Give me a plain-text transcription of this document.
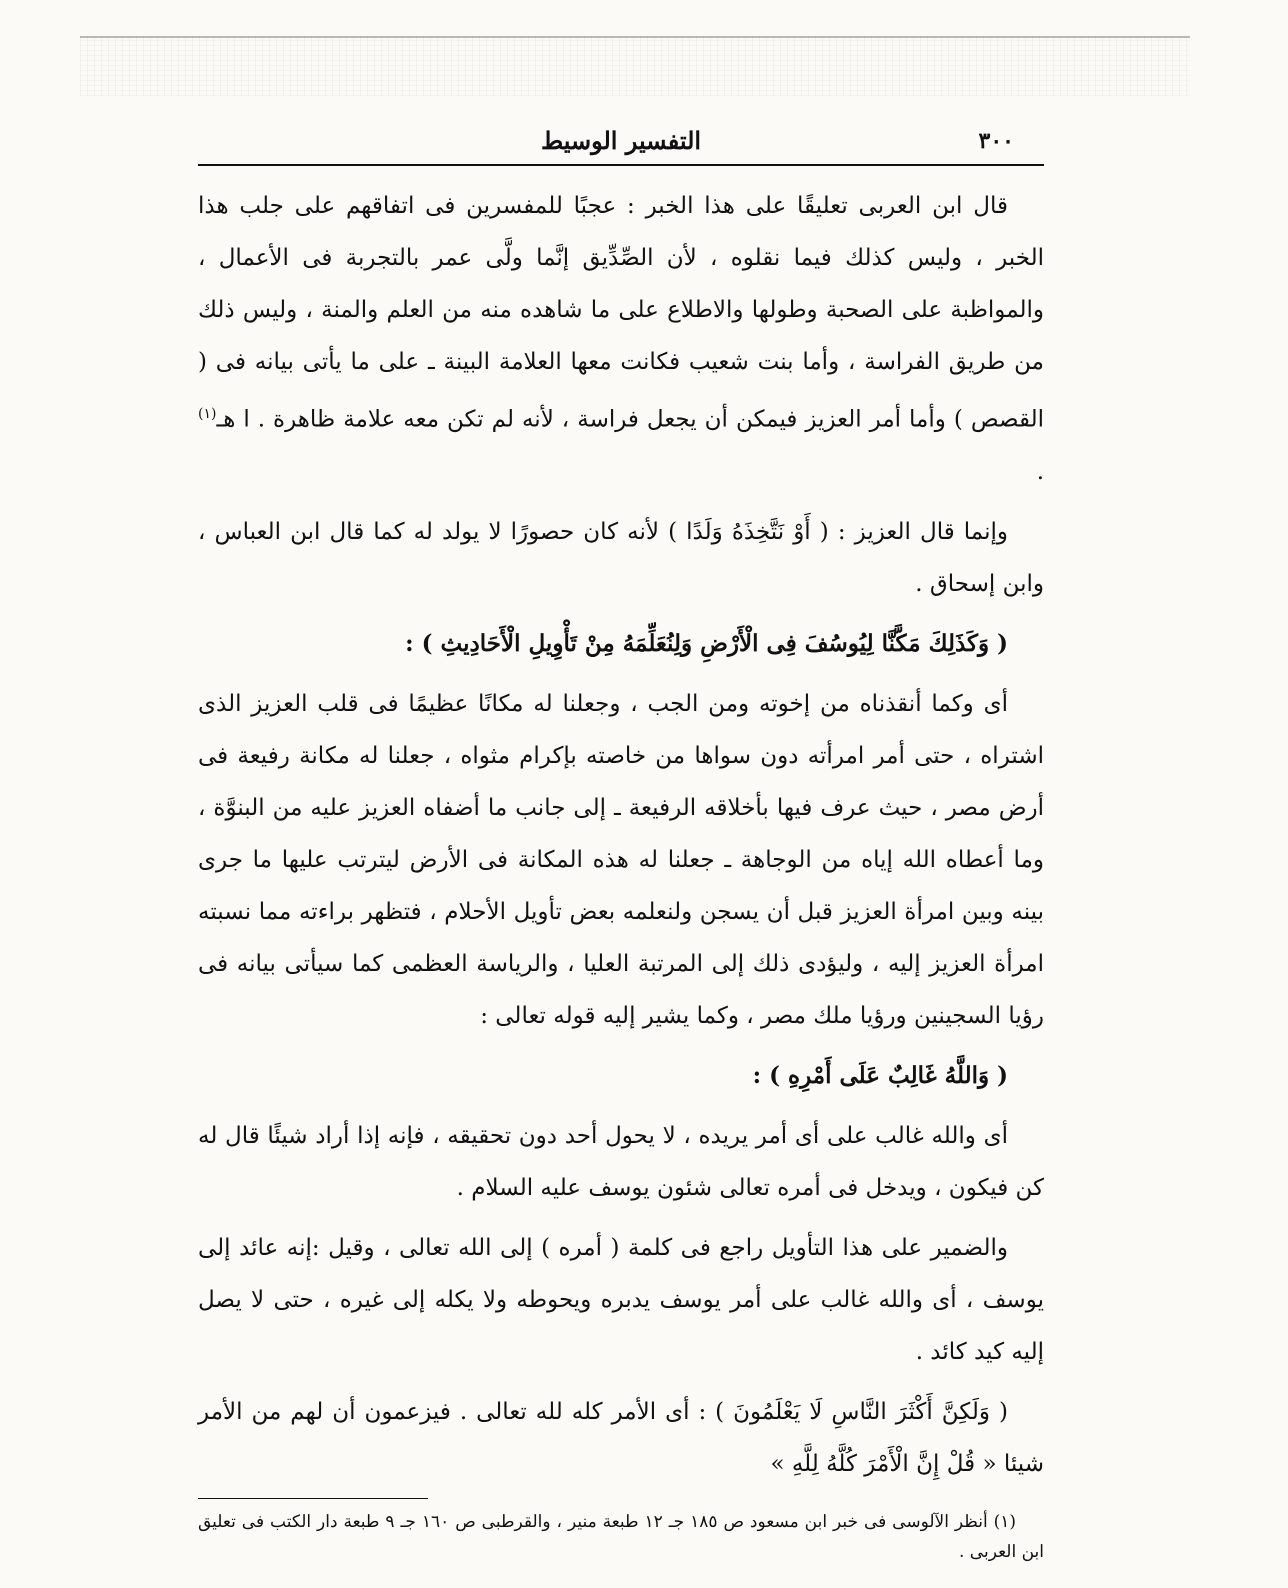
٣٠٠
التفسير الوسيط

قال ابن العربى تعليقًا على هذا الخبر : عجبًا للمفسرين فى اتفاقهم على جلب هذا الخبر ، وليس كذلك فيما نقلوه ، لأن الصِّدِّيق إنَّما ولَّى عمر بالتجربة فى الأعمال ، والمواظبة على الصحبة وطولها والاطلاع على ما شاهده منه من العلم والمنة ، وليس ذلك من طريق الفراسة ، وأما بنت شعيب فكانت معها العلامة البينة ـ على ما يأتى بيانه فى ( القصص ) وأما أمر العزيز فيمكن أن يجعل فراسة ، لأنه لم تكن معه علامة ظاهرة . ا هـ$^{(١)}$ .

وإنما قال العزيز : ( أَوْ نَتَّخِذَهُ وَلَدًا ) لأنه كان حصورًا لا يولد له كما قال ابن العباس ، وابن إسحاق .

( وَكَذَلِكَ مَكَّنَّا لِيُوسُفَ فِى الْأَرْضِ وَلِنُعَلِّمَهُ مِنْ تَأْوِيلِ الْأَحَادِيثِ ) :

أى وكما أنقذناه من إخوته ومن الجب ، وجعلنا له مكانًا عظيمًا فى قلب العزيز الذى اشتراه ، حتى أمر امرأته دون سواها من خاصته بإكرام مثواه ، جعلنا له مكانة رفيعة فى أرض مصر ، حيث عرف فيها بأخلاقه الرفيعة ـ إلى جانب ما أضفاه العزيز عليه من البنوَّة ، وما أعطاه الله إياه من الوجاهة ـ جعلنا له هذه المكانة فى الأرض ليترتب عليها ما جرى بينه وبين امرأة العزيز قبل أن يسجن ولنعلمه بعض تأويل الأحلام ، فتظهر براءته مما نسبته امرأة العزيز إليه ، وليؤدى ذلك إلى المرتبة العليا ، والرياسة العظمى كما سيأتى بيانه فى رؤيا السجينين ورؤيا ملك مصر ، وكما يشير إليه قوله تعالى :

( وَاللَّهُ غَالِبٌ عَلَى أَمْرِهِ ) :

أى والله غالب على أى أمر يريده ، لا يحول أحد دون تحقيقه ، فإنه إذا أراد شيئًا قال له كن فيكون ، ويدخل فى أمره تعالى شئون يوسف عليه السلام .

والضمير على هذا التأويل راجع فى كلمة ( أمره ) إلى الله تعالى ، وقيل :إنه عائد إلى يوسف ، أى والله غالب على أمر يوسف يدبره ويحوطه ولا يكله إلى غيره ، حتى لا يصل إليه كيد كائد .

( وَلَكِنَّ أَكْثَرَ النَّاسِ لَا يَعْلَمُونَ ) : أى الأمر كله لله تعالى . فيزعمون أن لهم من الأمر شيئا « قُلْ إِنَّ الْأَمْرَ كُلَّهُ لِلَّهِ »

(١) أنظر الآلوسى فى خبر ابن مسعود ص ١٨٥ جـ ١٢ طبعة منير ، والقرطبى ص ١٦٠ جـ ٩ طبعة دار الكتب فى تعليق ابن العربى .
